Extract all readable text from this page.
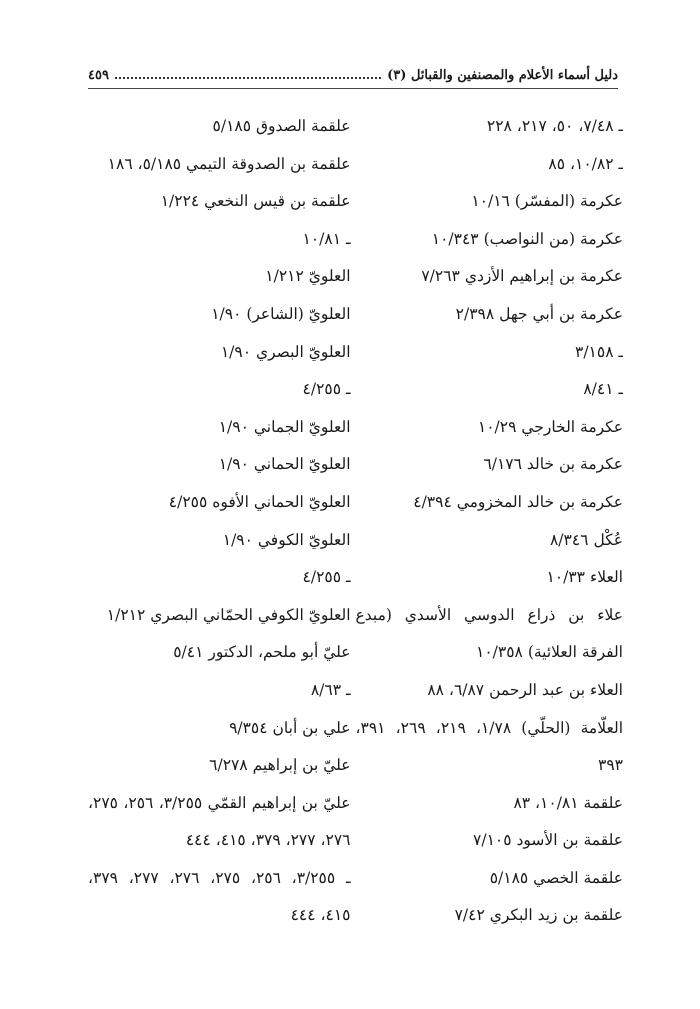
٤٥٩	دليل أسماء الأعلام والمصنفين والقبائل (٣)
ـ ٧/٤٨، ٥٠، ٢١٧، ٢٢٨
ـ ١٠/٨٢، ٨٥
عكرمة (المفسّر) ١٠/١٦
عكرمة (من النواصب) ١٠/٣٤٣
عكرمة بن إبراهيم الأزدي ٧/٢٦٣
عكرمة بن أبي جهل ٢/٣٩٨
ـ ٣/١٥٨
ـ ٨/٤١
عكرمة الخارجي ١٠/٢٩
عكرمة بن خالد ٦/١٧٦
عكرمة بن خالد المخزومي ٤/٣٩٤
عُكْل ٨/٣٤٦
العلاء ١٠/٣٣
علاء بن ذراع الدوسي الأسدي (مبدع
الفرقة العلائية) ١٠/٣٥٨
العلاء بن عبد الرحمن ٦/٨٧، ٨٨
العلّامة (الحلّي) ١/٧٨، ٢١٩، ٢٦٩، ٣٩١،
٣٩٣
علقمة ١٠/٨١، ٨٣
علقمة بن الأسود ٧/١٠٥
علقمة الخصي ٥/١٨٥
علقمة بن زيد البكري ٧/٤٢
علقمة الصدوق ٥/١٨٥
علقمة بن الصدوقة التيمي ٥/١٨٥، ١٨٦
علقمة بن قيس النخعي ١/٢٢٤
ـ ١٠/٨١
العلويّ ١/٢١٢
العلويّ (الشاعر) ١/٩٠
العلويّ البصري ١/٩٠
ـ ٤/٢٥٥
العلويّ الجماني ١/٩٠
العلويّ الحماني ١/٩٠
العلويّ الحماني الأفوه ٤/٢٥٥
العلويّ الكوفي ١/٩٠
ـ ٤/٢٥٥
العلويّ الكوفي الحمّاني البصري ١/٢١٢
عليّ أبو ملحم، الدكتور ٥/٤١
ـ ٨/٦٣
علي بن أبان ٩/٣٥٤
عليّ بن إبراهيم ٦/٢٧٨
عليّ بن إبراهيم القمّي ٣/٢٥٥، ٢٥٦، ٢٧٥،
٢٧٦، ٢٧٧، ٣٧٩، ٤١٥، ٤٤٤
ـ ٣/٢٥٥، ٢٥٦، ٢٧٥، ٢٧٦، ٢٧٧، ٣٧٩،
٤١٥، ٤٤٤
